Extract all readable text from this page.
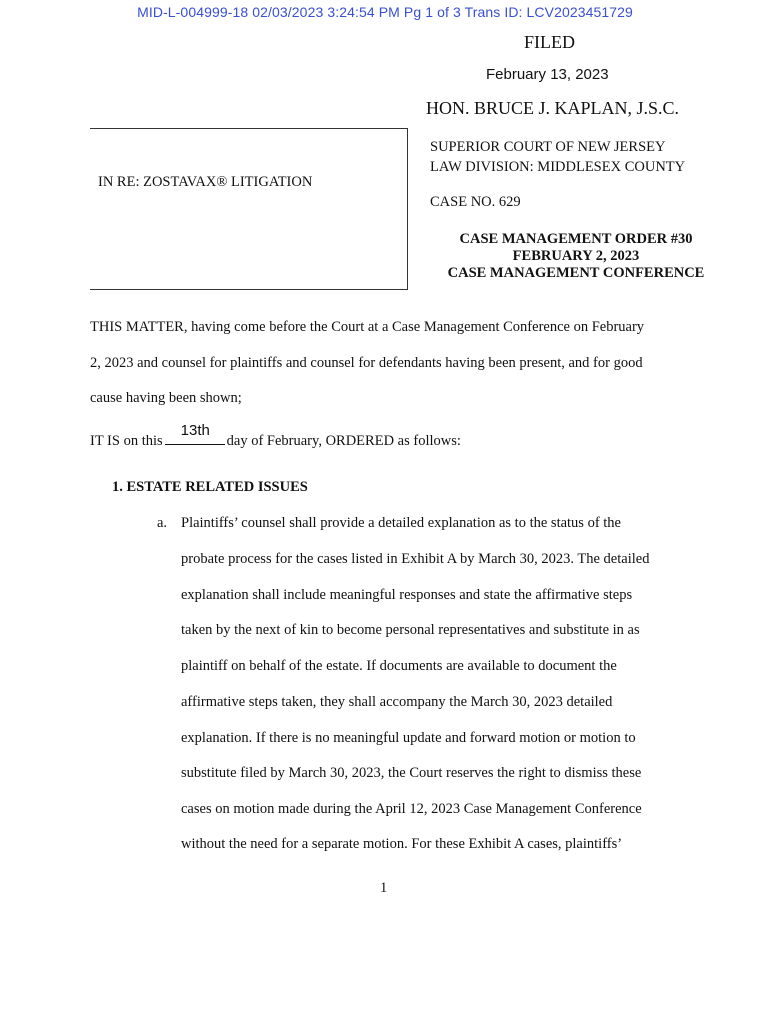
MID-L-004999-18 02/03/2023 3:24:54 PM Pg 1 of 3 Trans ID: LCV2023451729
FILED
February 13, 2023
HON. BRUCE J. KAPLAN, J.S.C.
IN RE: ZOSTAVAX® LITIGATION
SUPERIOR COURT OF NEW JERSEY
LAW DIVISION: MIDDLESEX COUNTY
CASE NO. 629
CASE MANAGEMENT ORDER #30
FEBRUARY 2, 2023
CASE MANAGEMENT CONFERENCE
THIS MATTER, having come before the Court at a Case Management Conference on February
2, 2023 and counsel for plaintiffs and counsel for defendants having been present, and for good
cause having been shown;
IT IS on this
13th
day of February, ORDERED as follows:
1. ESTATE RELATED ISSUES
a. Plaintiffs’ counsel shall provide a detailed explanation as to the status of the
probate process for the cases listed in Exhibit A by March 30, 2023. The detailed
explanation shall include meaningful responses and state the affirmative steps
taken by the next of kin to become personal representatives and substitute in as
plaintiff on behalf of the estate. If documents are available to document the
affirmative steps taken, they shall accompany the March 30, 2023 detailed
explanation. If there is no meaningful update and forward motion or motion to
substitute filed by March 30, 2023, the Court reserves the right to dismiss these
cases on motion made during the April 12, 2023 Case Management Conference
without the need for a separate motion. For these Exhibit A cases, plaintiffs’
1
